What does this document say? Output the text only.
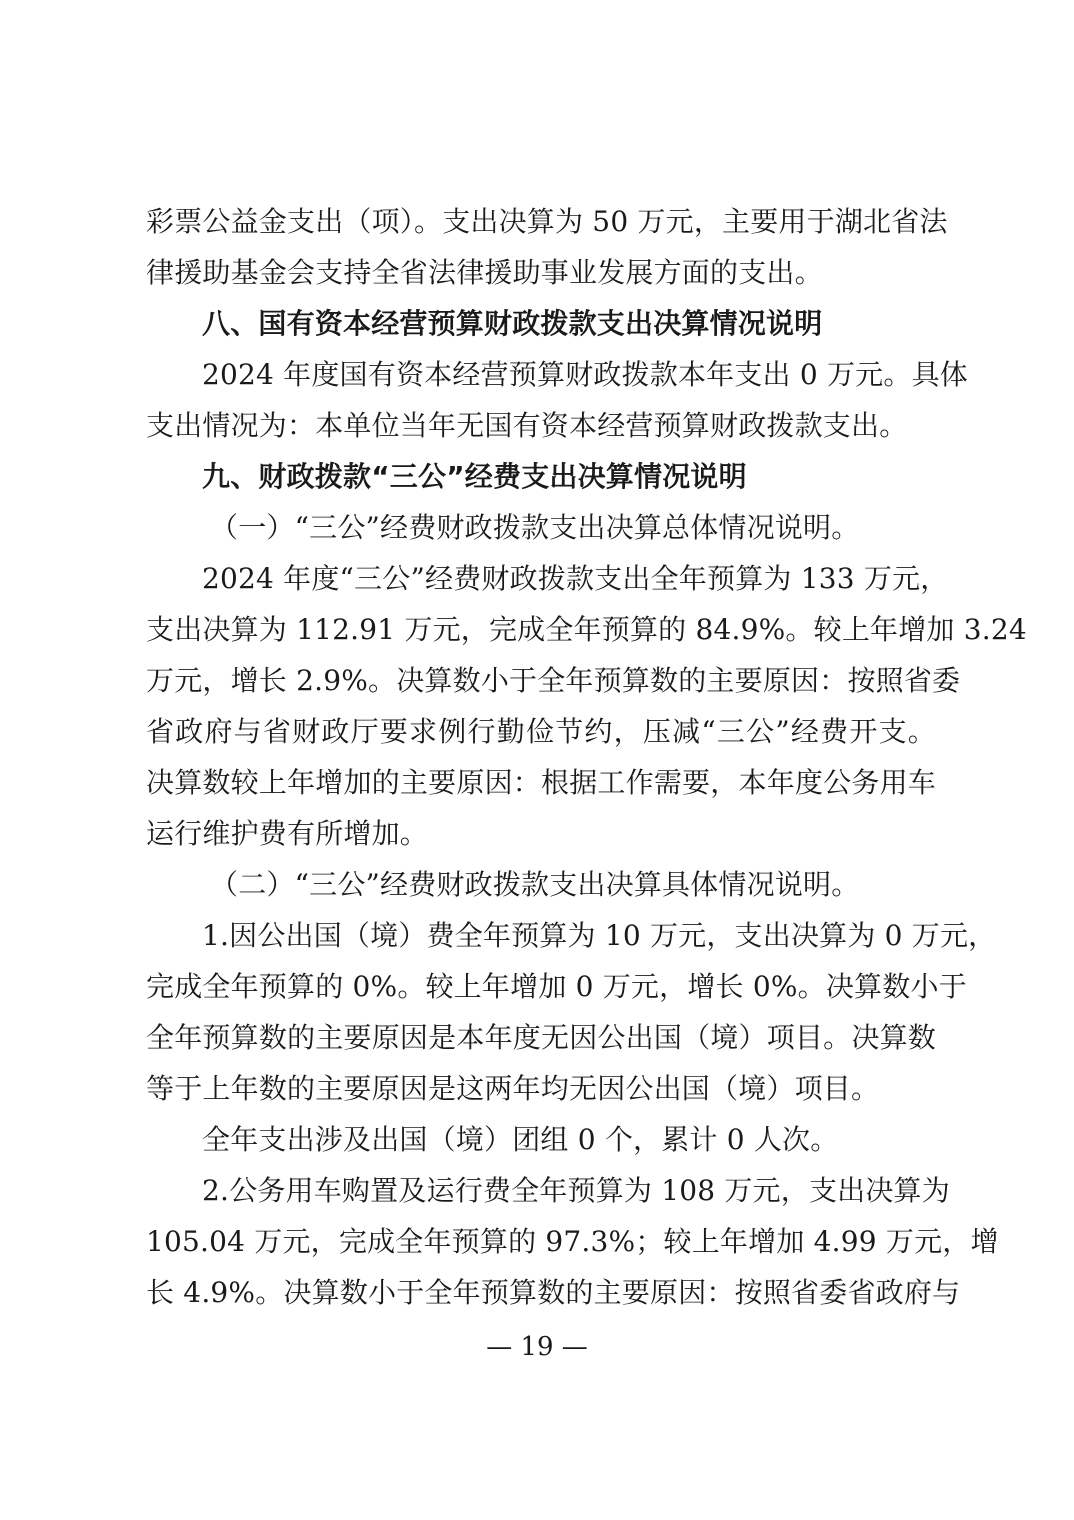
彩票公益金支出（项）。支出决算为 50 万元，主要用于湖北省法
律援助基金会支持全省法律援助事业发展方面的支出。
八、国有资本经营预算财政拨款支出决算情况说明
2024 年度国有资本经营预算财政拨款本年支出 0 万元。具体
支出情况为：本单位当年无国有资本经营预算财政拨款支出。
九、财政拨款“三公”经费支出决算情况说明
（一）“三公”经费财政拨款支出决算总体情况说明。
2024 年度“三公”经费财政拨款支出全年预算为 133 万元，
支出决算为 112.91 万元，完成全年预算的 84.9%。较上年增加 3.24
万元，增长 2.9%。决算数小于全年预算数的主要原因：按照省委
省政府与省财政厅要求例行勤俭节约，压减“三公”经费开支。
决算数较上年增加的主要原因：根据工作需要，本年度公务用车
运行维护费有所增加。
（二）“三公”经费财政拨款支出决算具体情况说明。
1.因公出国（境）费全年预算为 10 万元，支出决算为 0 万元，
完成全年预算的 0%。较上年增加 0 万元，增长 0%。决算数小于
全年预算数的主要原因是本年度无因公出国（境）项目。决算数
等于上年数的主要原因是这两年均无因公出国（境）项目。
全年支出涉及出国（境）团组 0 个，累计 0 人次。
2.公务用车购置及运行费全年预算为 108 万元，支出决算为
105.04 万元，完成全年预算的 97.3%；较上年增加 4.99 万元，增
长 4.9%。决算数小于全年预算数的主要原因：按照省委省政府与
— 19 —
